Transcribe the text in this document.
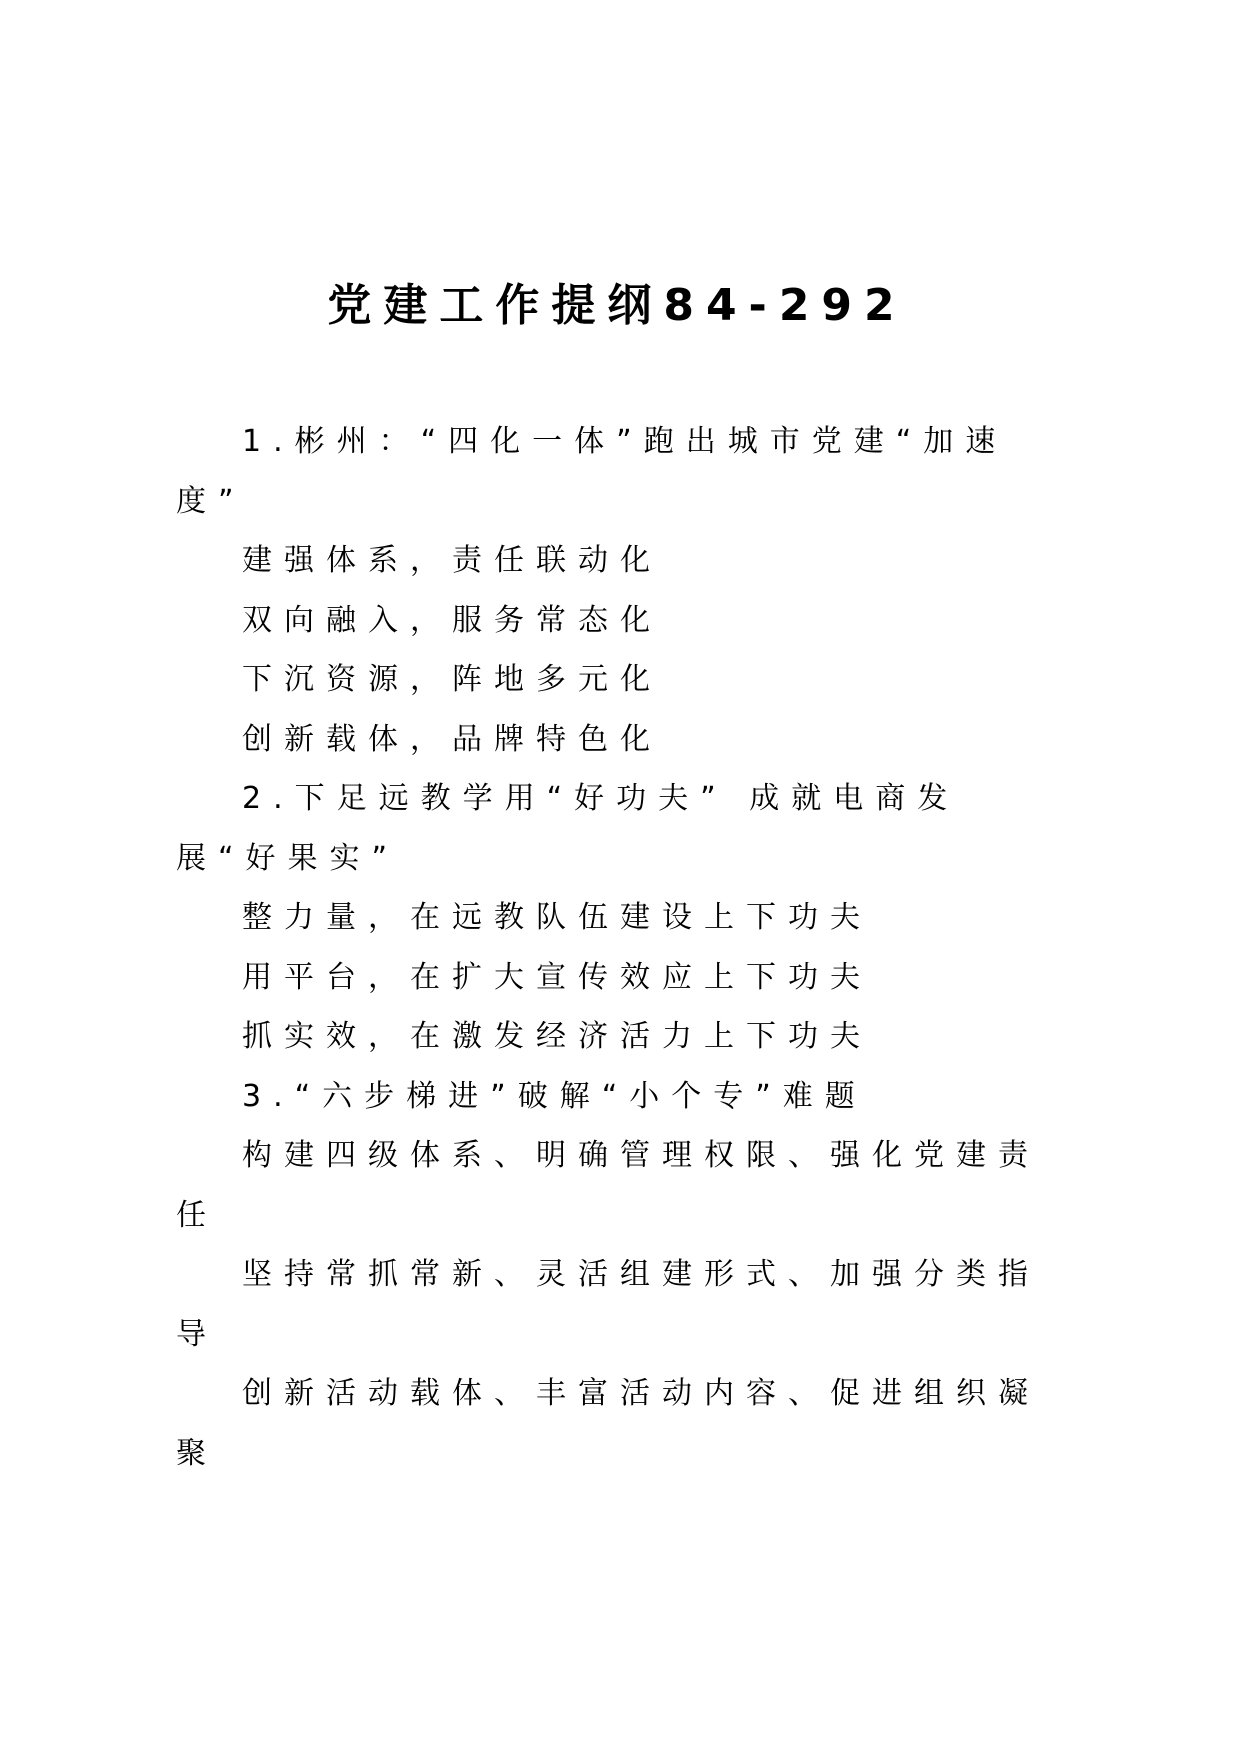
党建工作提纲84-292

1.彬州：“四化一体”跑出城市党建“加速度”

建强体系，责任联动化

双向融入，服务常态化

下沉资源，阵地多元化

创新载体，品牌特色化

2.下足远教学用“好功夫” 成就电商发展“好果实”

整力量，在远教队伍建设上下功夫

用平台，在扩大宣传效应上下功夫

抓实效，在激发经济活力上下功夫

3.“六步梯进”破解“小个专”难题

构建四级体系、明确管理权限、强化党建责任

坚持常抓常新、灵活组建形式、加强分类指导

创新活动载体、丰富活动内容、促进组织凝聚
